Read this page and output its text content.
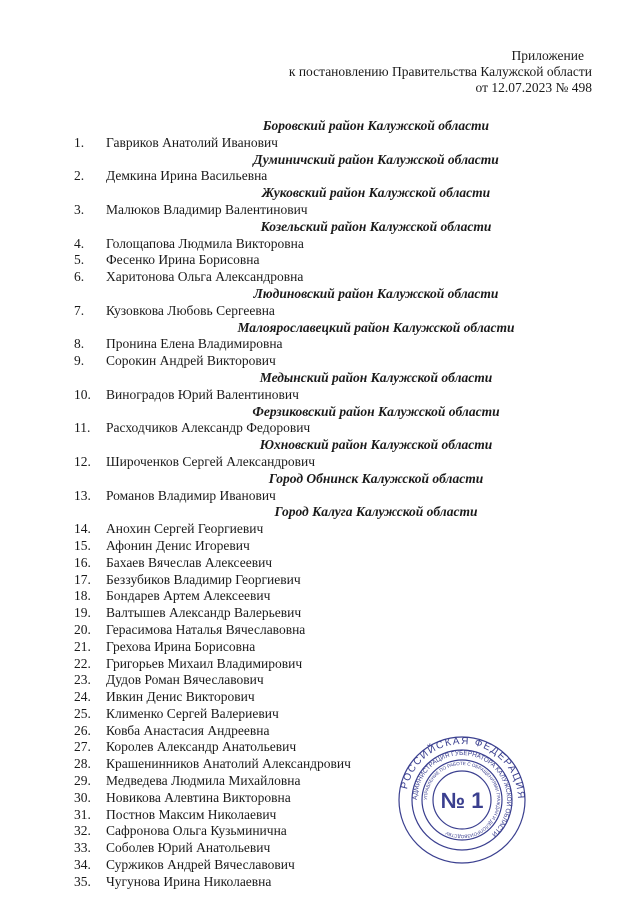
Приложение
к постановлению Правительства Калужской области
от 12.07.2023 № 498
Боровский район Калужской области
1. Гавриков Анатолий Иванович
Думиничский район Калужской области
2. Демкина Ирина Васильевна
Жуковский район Калужской области
3. Малюков Владимир Валентинович
Козельский район Калужской области
4. Голощапова Людмила Викторовна
5. Фесенко Ирина Борисовна
6. Харитонова Ольга Александровна
Людиновский район Калужской области
7. Кузовкова Любовь Сергеевна
Малоярославецкий район Калужской области
8. Пронина Елена Владимировна
9. Сорокин Андрей Викторович
Медынский район Калужской области
10. Виноградов Юрий Валентинович
Ферзиковский район Калужской области
11. Расходчиков Александр Федорович
Юхновский район Калужской области
12. Широченков Сергей Александрович
Город Обнинск Калужской области
13. Романов Владимир Иванович
Город Калуга Калужской области
14. Анохин Сергей Георгиевич
15. Афонин Денис Игоревич
16. Бахаев Вячеслав Алексеевич
17. Беззубиков Владимир Георгиевич
18. Бондарев Артем Алексеевич
19. Валтышев Александр Валерьевич
20. Герасимова Наталья Вячеславовна
21. Грехова Ирина Борисовна
22. Григорьев Михаил Владимирович
23. Дудов Роман Вячеславович
24. Ивкин Денис Викторович
25. Клименко Сергей Валериевич
26. Ковба Анастасия Андреевна
27. Королев Александр Анатольевич
28. Крашенинников Анатолий Александрович
29. Медведева Людмила Михайловна
30. Новикова Алевтина Викторовна
31. Постнов Максим Николаевич
32. Сафронова Ольга Кузьминична
33. Соболев Юрий Анатольевич
34. Суржиков Андрей Вячеславович
35. Чугунова Ирина Николаевна
РОССИЙСКАЯ ФЕДЕРАЦИЯ
АДМИНИСТРАЦИЯ ГУБЕРНАТОРА КАЛУЖСКОЙ ОБЛАСТИ
УПРАВЛЕНИЕ ПО РАБОТЕ С ОБРАЩЕНИЯМИ ГРАЖДАН И ДЕЛОПРОИЗВОДСТВУ
№ 1
